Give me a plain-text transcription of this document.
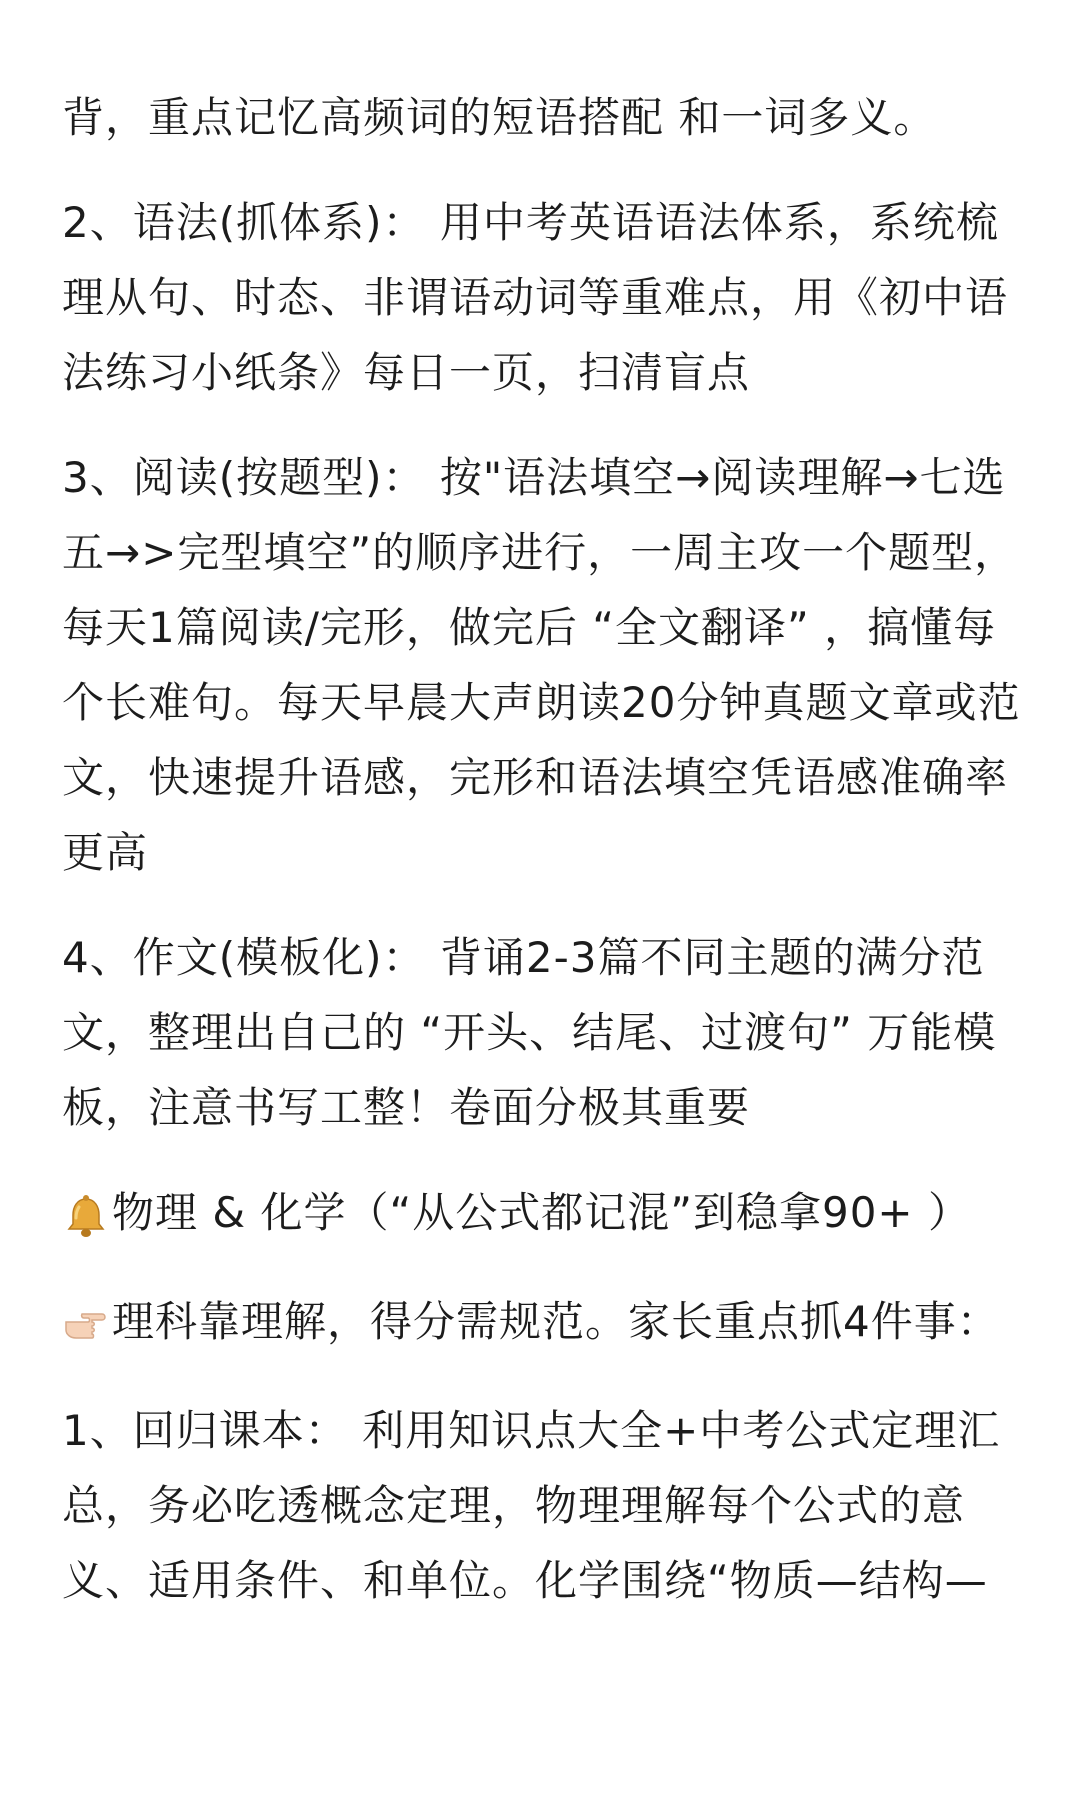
背，重点记忆高频词的短语搭配 和一词多义。

2、语法(抓体系)： 用中考英语语法体系，系统梳理从句、时态、非谓语动词等重难点，用《初中语法练习小纸条》每日一页，扫清盲点

3、阅读(按题型)： 按"语法填空→阅读理解→七选五→>完型填空”的顺序进行，一周主攻一个题型，每天1篇阅读/完形，做完后 “全文翻译” ，搞懂每个长难句。每天早晨大声朗读20分钟真题文章或范文，快速提升语感，完形和语法填空凭语感准确率更高

4、作文(模板化)： 背诵2-3篇不同主题的满分范文，整理出自己的 “开头、结尾、过渡句” 万能模板，注意书写工整！卷面分极其重要

物理 & 化学（“从公式都记混”到稳拿90+ ）
理科靠理解，得分需规范。家长重点抓4件事：

1、回归课本： 利用知识点大全+中考公式定理汇总，务必吃透概念定理，物理理解每个公式的意义、适用条件、和单位。化学围绕“物质—结构—
